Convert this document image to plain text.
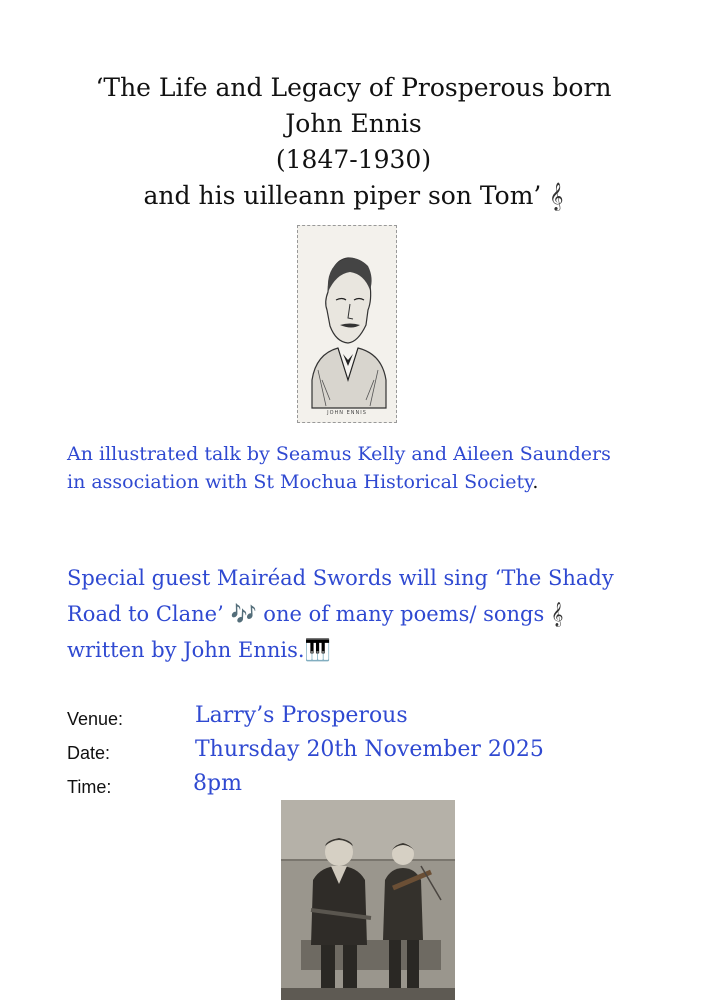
‘The Life and Legacy of Prosperous born
John Ennis
(1847-1930)
and his uilleann piper son Tom’ 𝄞
JOHN ENNIS
An illustrated talk by Seamus Kelly and Aileen Saunders in association with St Mochua Historical Society.
Special guest Mairéad Swords will sing ‘The Shady Road to Clane’ 🎶 one of many poems/ songs 𝄞 written by John Ennis.🎹
Venue:	Larry’s Prosperous
Date:	Thursday 20th November 2025
Time:	8pm
